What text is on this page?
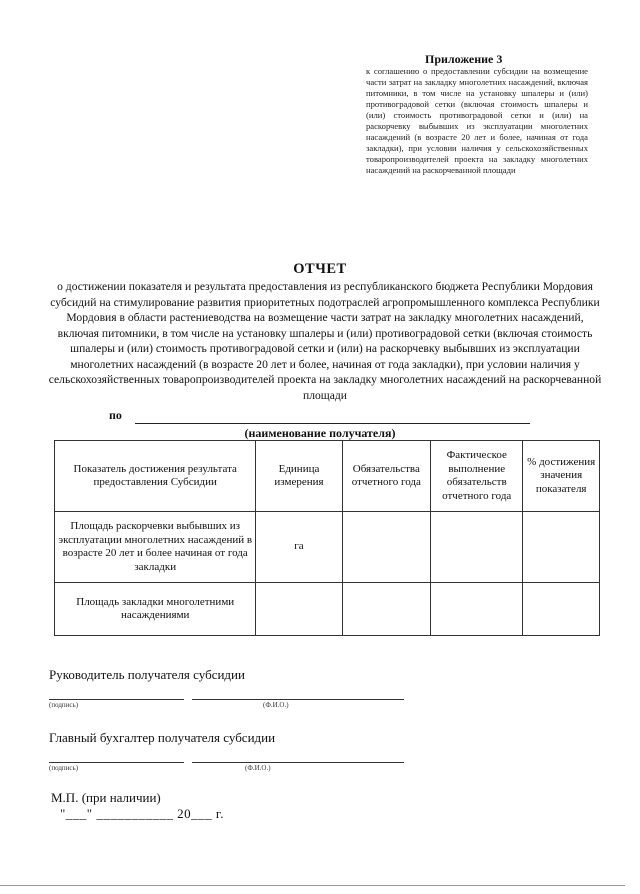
Приложение 3
к соглашению о предоставлении субсидии на возмещение части затрат на закладку многолетних насаждений, включая питомники, в том числе на установку шпалеры и (или) противоградовой сетки (включая стоимость шпалеры и (или) стоимость противоградовой сетки и (или) на раскорчевку выбывших из эксплуатации многолетних насаждений (в возрасте 20 лет и более, начиная от года закладки), при условии наличия у сельскохозяйственных товаропроизводителей проекта на закладку многолетних насаждений на раскорчеванной площади
ОТЧЕТ
о достижении показателя и результата предоставления из республиканского бюджета Республики Мордовия субсидий на стимулирование развития приоритетных подотраслей агропромышленного комплекса Республики Мордовия в области растениеводства на возмещение части затрат на закладку многолетних насаждений, включая питомники, в том числе на установку шпалеры и (или) противоградовой сетки (включая стоимость шпалеры и (или) стоимость противоградовой сетки и (или) на раскорчевку выбывших из эксплуатации многолетних насаждений (в возрасте 20 лет и более, начиная от года закладки), при условии наличия у сельскохозяйственных товаропроизводителей проекта на закладку многолетних насаждений на раскорчеванной площади
по
(наименование получателя)
Показатель достижения результата предоставления Субсидии	Единица измерения	Обязательства отчетного года	Фактическое выполнение обязательств отчетного года	% достижения значения показателя
Площадь раскорчевки выбывших из эксплуатации многолетних насаждений в возрасте 20 лет и более начиная от года закладки	га			
Площадь закладки многолетними насаждениями				
Руководитель получателя субсидии
(подпись)	(Ф.И.О.)
Главный бухгалтер получателя субсидии
(подпись)	(Ф.И.О.)
М.П. (при наличии)
"___" ___________ 20___ г.
